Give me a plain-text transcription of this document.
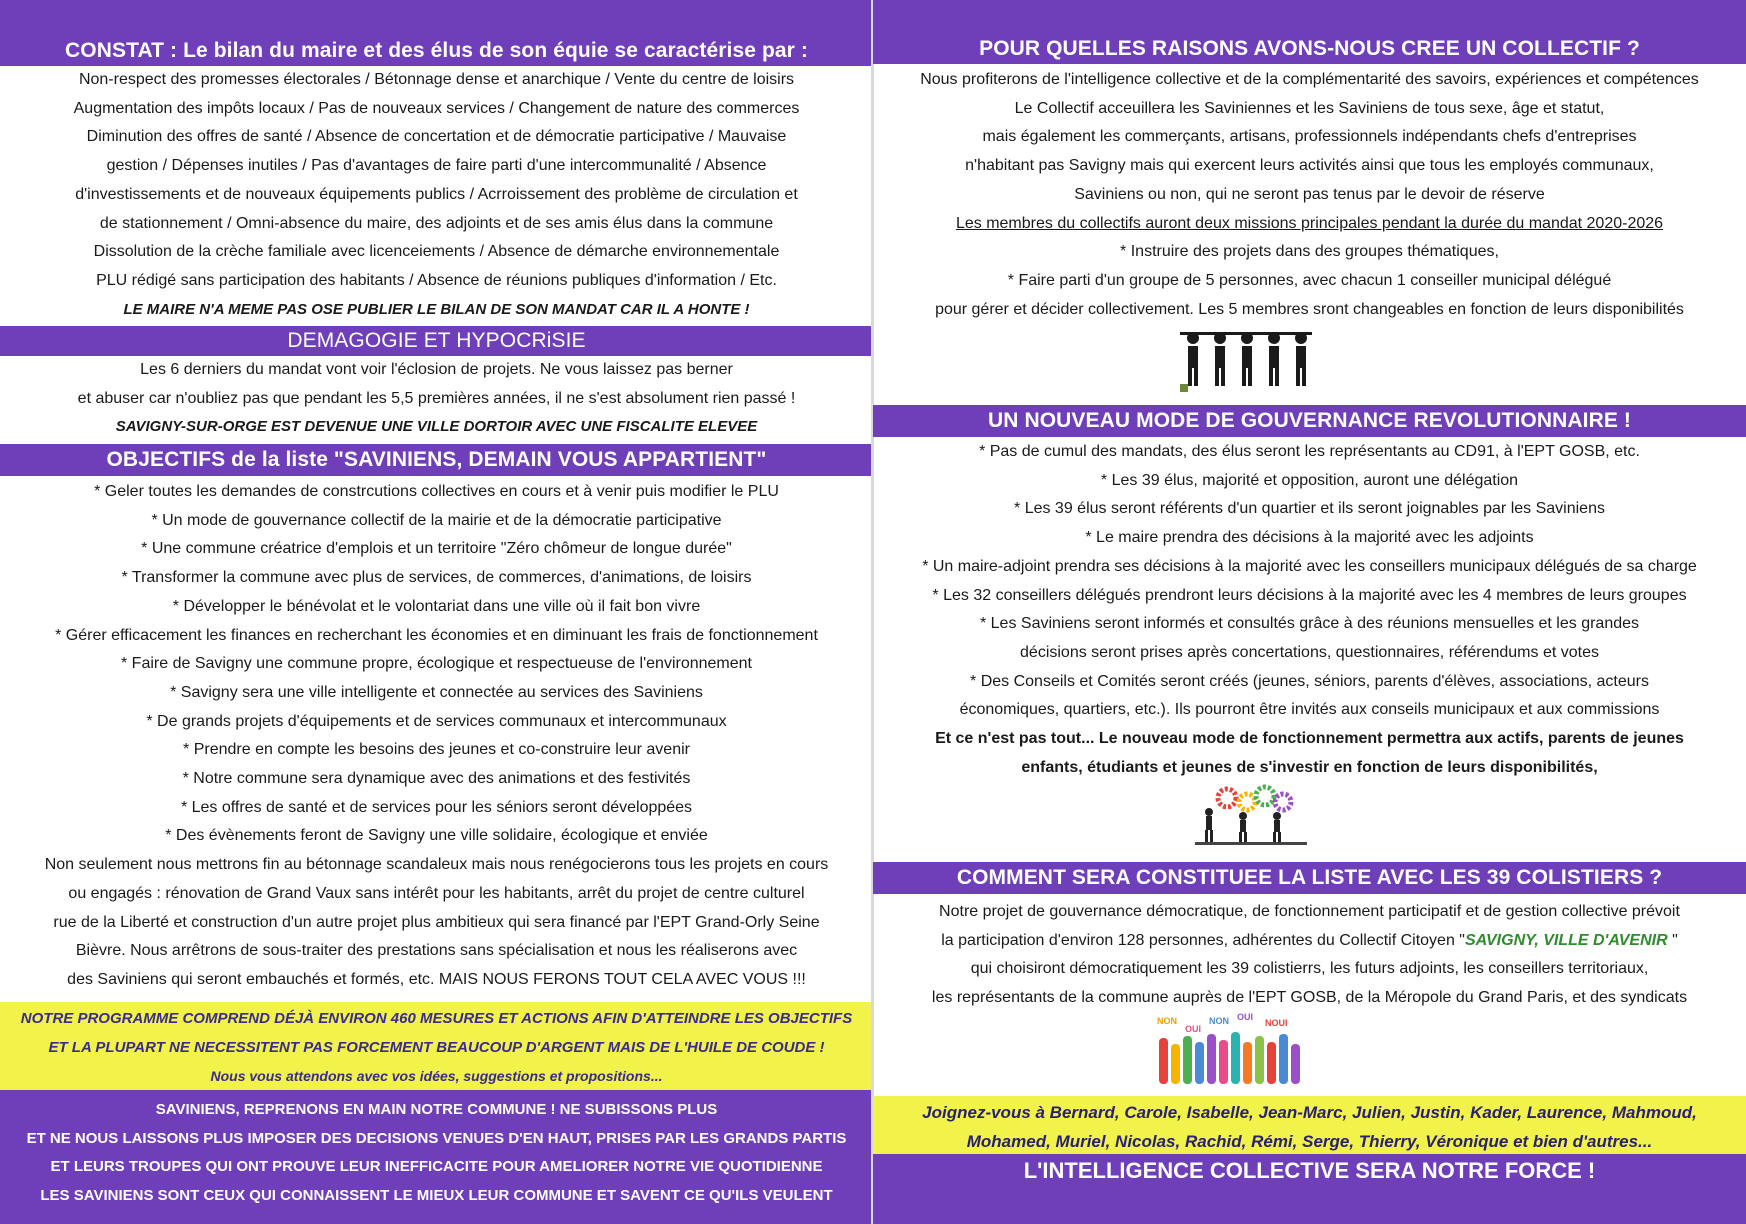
CONSTAT : Le bilan du maire et des élus de son équie se caractérise par :

Non-respect des promesses électorales / Bétonnage dense et anarchique / Vente du centre de loisirs

Augmentation des impôts locaux / Pas de nouveaux services / Changement de nature des commerces

Diminution des offres de santé / Absence de concertation et de démocratie participative / Mauvaise

gestion / Dépenses inutiles / Pas d'avantages de faire parti d'une intercommunalité / Absence

d'investissements et de nouveaux équipements publics / Acrroissement des problème de circulation et

de stationnement / Omni-absence du maire, des adjoints et de ses amis élus dans la commune

Dissolution de la crèche familiale avec licenceiements / Absence de démarche environnementale

PLU rédigé sans participation des habitants / Absence de réunions publiques d'information / Etc.

LE MAIRE N'A MEME PAS OSE PUBLIER LE BILAN DE SON MANDAT CAR IL A HONTE !

DEMAGOGIE ET HYPOCRiSIE

Les 6 derniers du mandat vont voir l'éclosion de projets. Ne vous laissez pas berner

et abuser car n'oubliez pas que pendant les 5,5 premières années, il ne s'est absolument rien passé !

SAVIGNY-SUR-ORGE EST DEVENUE UNE VILLE DORTOIR AVEC UNE FISCALITE ELEVEE

OBJECTIFS de la liste "SAVINIENS, DEMAIN VOUS APPARTIENT"

* Geler toutes les demandes de constrcutions collectives en cours et à venir puis modifier le PLU

* Un mode de gouvernance collectif de la mairie et de la démocratie participative

* Une commune créatrice d'emplois et un territoire "Zéro chômeur de longue durée"

* Transformer la commune avec plus de services, de commerces, d'animations, de loisirs

* Développer le bénévolat et le volontariat dans une ville où il fait bon vivre

* Gérer efficacement les finances en recherchant les économies et en diminuant les frais de fonctionnement

* Faire de Savigny une commune propre, écologique et respectueuse de l'environnement

* Savigny sera une ville intelligente et connectée au services des Saviniens

* De grands projets d'équipements et de services communaux et intercommunaux

* Prendre en compte les besoins des jeunes et co-construire leur avenir

* Notre commune sera dynamique avec des animations et des festivités

* Les offres de santé et de services pour les séniors seront développées

* Des évènements feront de Savigny une ville solidaire, écologique et enviée

Non seulement nous mettrons fin au bétonnage scandaleux mais nous renégocierons tous les projets en cours

ou engagés : rénovation de Grand Vaux sans intérêt pour les habitants, arrêt du projet de centre culturel

rue de la Liberté et construction d'un autre projet plus ambitieux qui sera financé par l'EPT Grand-Orly Seine

Bièvre. Nous arrêtrons de sous-traiter des prestations sans spécialisation et nous les réaliserons avec

des Saviniens qui seront embauchés et formés, etc. MAIS NOUS FERONS TOUT CELA AVEC VOUS !!!

NOTRE PROGRAMME COMPREND DÉJÀ ENVIRON 460 MESURES ET ACTIONS AFIN D'ATTEINDRE LES OBJECTIFS

ET LA PLUPART NE NECESSITENT PAS FORCEMENT BEAUCOUP D'ARGENT MAIS DE L'HUILE DE COUDE !

Nous vous attendons avec vos idées, suggestions et propositions...

SAVINIENS, REPRENONS EN MAIN NOTRE COMMUNE ! NE SUBISSONS PLUS

ET NE NOUS LAISSONS PLUS IMPOSER DES DECISIONS VENUES D'EN HAUT, PRISES PAR LES GRANDS PARTIS

ET LEURS TROUPES QUI ONT PROUVE LEUR INEFFICACITE POUR AMELIORER NOTRE VIE QUOTIDIENNE

LES SAVINIENS SONT CEUX QUI CONNAISSENT LE MIEUX LEUR COMMUNE ET SAVENT CE QU'ILS VEULENT

POUR QUELLES RAISONS AVONS-NOUS CREE UN COLLECTIF ?

Nous profiterons de l'intelligence collective et de la complémentarité des savoirs, expériences et compétences

Le Collectif acceuillera les Saviniennes et les Saviniens de tous sexe, âge et statut,

mais également les commerçants, artisans, professionnels indépendants chefs d'entreprises

n'habitant pas Savigny mais qui exercent leurs activités ainsi que tous les employés communaux,

Saviniens ou non, qui ne seront pas tenus par le devoir de réserve

Les membres du collectifs auront deux missions principales pendant la durée du mandat 2020-2026

* Instruire des projets dans des groupes thématiques,

* Faire parti d'un groupe de 5 personnes, avec chacun 1 conseiller municipal délégué

pour gérer et décider collectivement. Les 5 membres sront changeables en fonction de leurs disponibilités

UN NOUVEAU MODE DE GOUVERNANCE REVOLUTIONNAIRE !

* Pas de cumul des mandats, des élus seront les représentants au CD91, à l'EPT GOSB, etc.

* Les 39 élus, majorité et opposition, auront une délégation

* Les 39 élus seront référents d'un quartier et ils seront joignables par les Saviniens

* Le maire prendra des décisions à la majorité avec les adjoints

* Un maire-adjoint prendra ses décisions à la majorité avec les conseillers municipaux délégués de sa charge

* Les 32 conseillers délégués prendront leurs décisions à la majorité avec les 4 membres de leurs groupes

* Les Saviniens seront informés et consultés grâce à des réunions mensuelles et les grandes

décisions seront prises après concertations, questionnaires, référendums et votes

* Des Conseils et Comités seront créés (jeunes, séniors, parents d'élèves, associations, acteurs

économiques, quartiers, etc.). Ils pourront être invités aux conseils municipaux et aux commissions

Et ce n'est pas tout... Le nouveau mode de fonctionnement permettra aux actifs, parents de jeunes

enfants, étudiants et jeunes de s'investir en fonction de leurs disponibilités,

COMMENT SERA CONSTITUEE LA LISTE AVEC LES 39 COLISTIERS ?

Notre projet de gouvernance démocratique, de fonctionnement participatif et de gestion collective prévoit

la participation d'environ 128 personnes, adhérentes du Collectif Citoyen "SAVIGNY, VILLE D'AVENIR "

qui choisiront démocratiquement les 39 colistierrs, les futurs adjoints, les conseillers territoriaux,

les représentants de la commune auprès de l'EPT GOSB, de la Méropole du Grand Paris, et des syndicats

NON
OUI
NON OUI
NOUI

Joignez-vous à Bernard, Carole, Isabelle, Jean-Marc, Julien, Justin, Kader, Laurence, Mahmoud,

Mohamed, Muriel, Nicolas, Rachid, Rémi, Serge, Thierry, Véronique et bien d'autres...

L'INTELLIGENCE COLLECTIVE SERA NOTRE FORCE !
